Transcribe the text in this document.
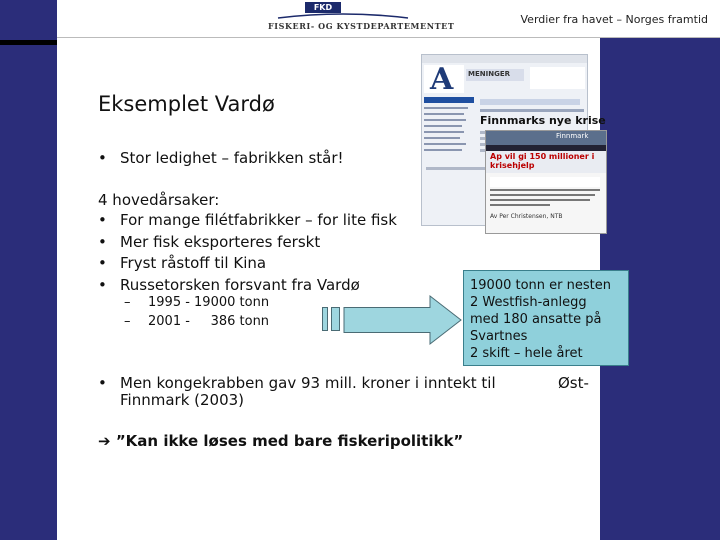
FKD
FISKERI- OG KYSTDEPARTEMENTET	Verdier fra havet – Norges framtid
A MENINGER
Finnmarks nye krise
Finnmark
Ap vil gi 150 millioner i krisehjelp
Av Per Christensen, NTB
Eksemplet Vardø
• Stor ledighet – fabrikken står!
4 hovedårsaker:
• For mange filétfabrikker – for lite fisk
• Mer fisk eksporteres ferskt
• Fryst råstoff til Kina
• Russetorsken forsvant fra Vardø
– 1995 - 19000 tonn
– 2001 -     386 tonn
19000 tonn er nesten
2 Westfish-anlegg
med 180 ansatte på
Svartnes
2 skift – hele året
• Men kongekrabben gav 93 mill. kroner i inntekt til	Øst-
Finnmark (2003)
➔ ”Kan ikke løses med bare fiskeripolitikk”
